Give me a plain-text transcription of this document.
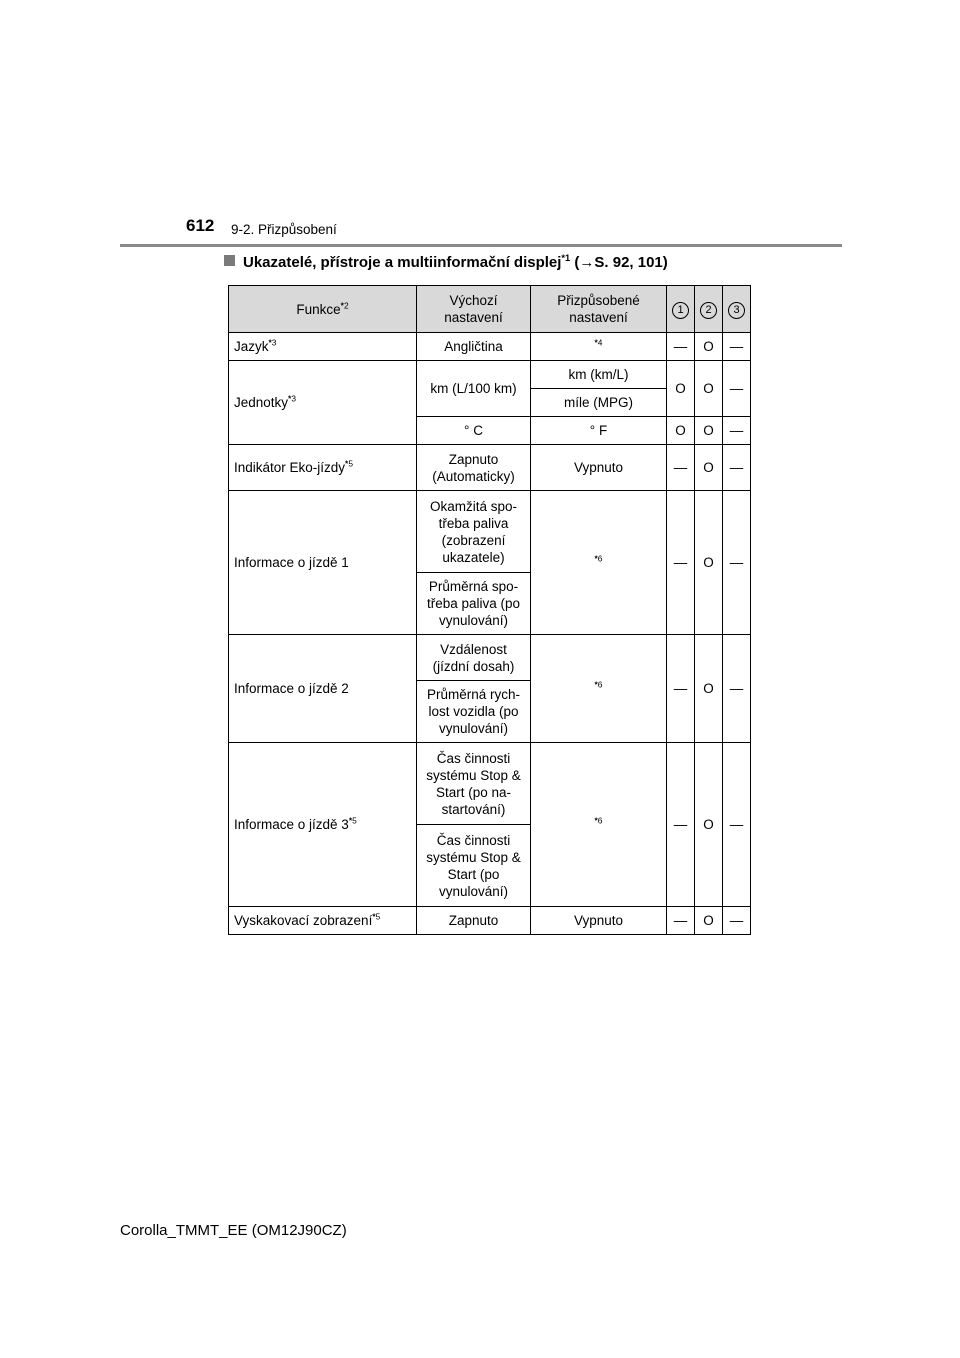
612 9-2. Přizpůsobení
Ukazatelé, přístroje a multiinformační displej$^{*1}$ (→S. 92, 101)
Funkce$^{*2}$	Výchozí nastavení	Přizpůsobené nastavení	1	2	3
Jazyk$^{*3}$	Angličtina	$^{*4}$	—	O	—
Jednotky$^{*3}$	km (L/100 km)	km (km/L)	O	O	—
		míle (MPG)			
	° C	° F	O	O	—
Indikátor Eko-jízdy$^{*5}$	Zapnuto (Automaticky)	Vypnuto	—	O	—
Informace o jízdě 1	Okamžitá spo-třeba paliva (zobrazení ukazatele)	$^{*6}$	—	O	—
	Průměrná spo-třeba paliva (po vynulování)				
Informace o jízdě 2	Vzdálenost (jízdní dosah)	$^{*6}$	—	O	—
	Průměrná rych-lost vozidla (po vynulování)				
Informace o jízdě 3$^{*5}$	Čas činnosti systému Stop & Start (po na-startování)	$^{*6}$	—	O	—
	Čas činnosti systému Stop & Start (po vynulování)				
Vyskakovací zobrazení$^{*5}$	Zapnuto	Vypnuto	—	O	—
Corolla_TMMT_EE (OM12J90CZ)
